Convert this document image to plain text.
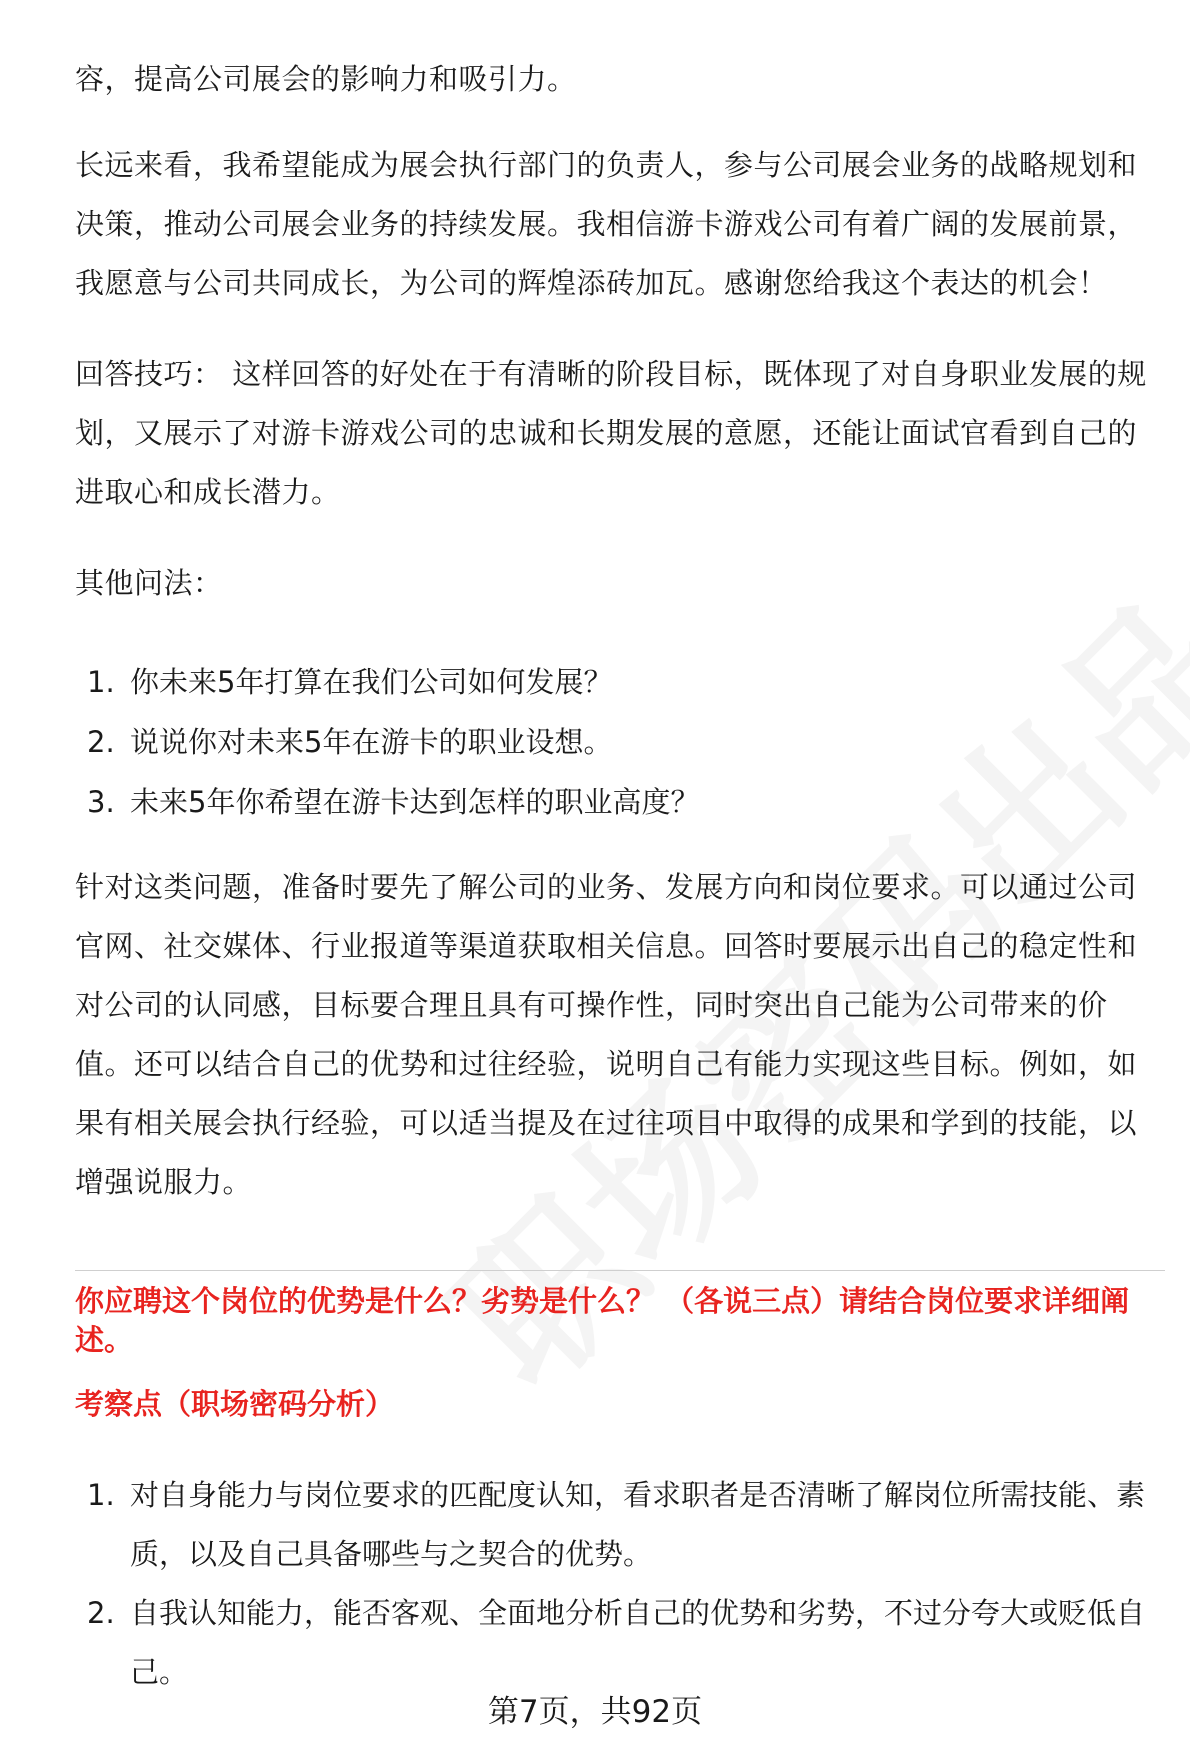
容，提高公司展会的影响力和吸引力。

长远来看，我希望能成为展会执行部门的负责人，参与公司展会业务的战略规划和决策，推动公司展会业务的持续发展。我相信游卡游戏公司有着广阔的发展前景，我愿意与公司共同成长，为公司的辉煌添砖加瓦。感谢您给我这个表达的机会！

回答技巧： 这样回答的好处在于有清晰的阶段目标，既体现了对自身职业发展的规划，又展示了对游卡游戏公司的忠诚和长期发展的意愿，还能让面试官看到自己的进取心和成长潜力。

其他问法：

1. 你未来5年打算在我们公司如何发展？
2. 说说你对未来5年在游卡的职业设想。
3. 未来5年你希望在游卡达到怎样的职业高度？

针对这类问题，准备时要先了解公司的业务、发展方向和岗位要求。可以通过公司官网、社交媒体、行业报道等渠道获取相关信息。回答时要展示出自己的稳定性和对公司的认同感，目标要合理且具有可操作性，同时突出自己能为公司带来的价值。还可以结合自己的优势和过往经验，说明自己有能力实现这些目标。例如，如果有相关展会执行经验，可以适当提及在过往项目中取得的成果和学到的技能，以增强说服力。

你应聘这个岗位的优势是什么？劣势是什么？ （各说三点）请结合岗位要求详细阐述。

考察点（职场密码分析）

1. 对自身能力与岗位要求的匹配度认知，看求职者是否清晰了解岗位所需技能、素质，以及自己具备哪些与之契合的优势。
2. 自我认知能力，能否客观、全面地分析自己的优势和劣势，不过分夸大或贬低自己。

第7页，共92页
